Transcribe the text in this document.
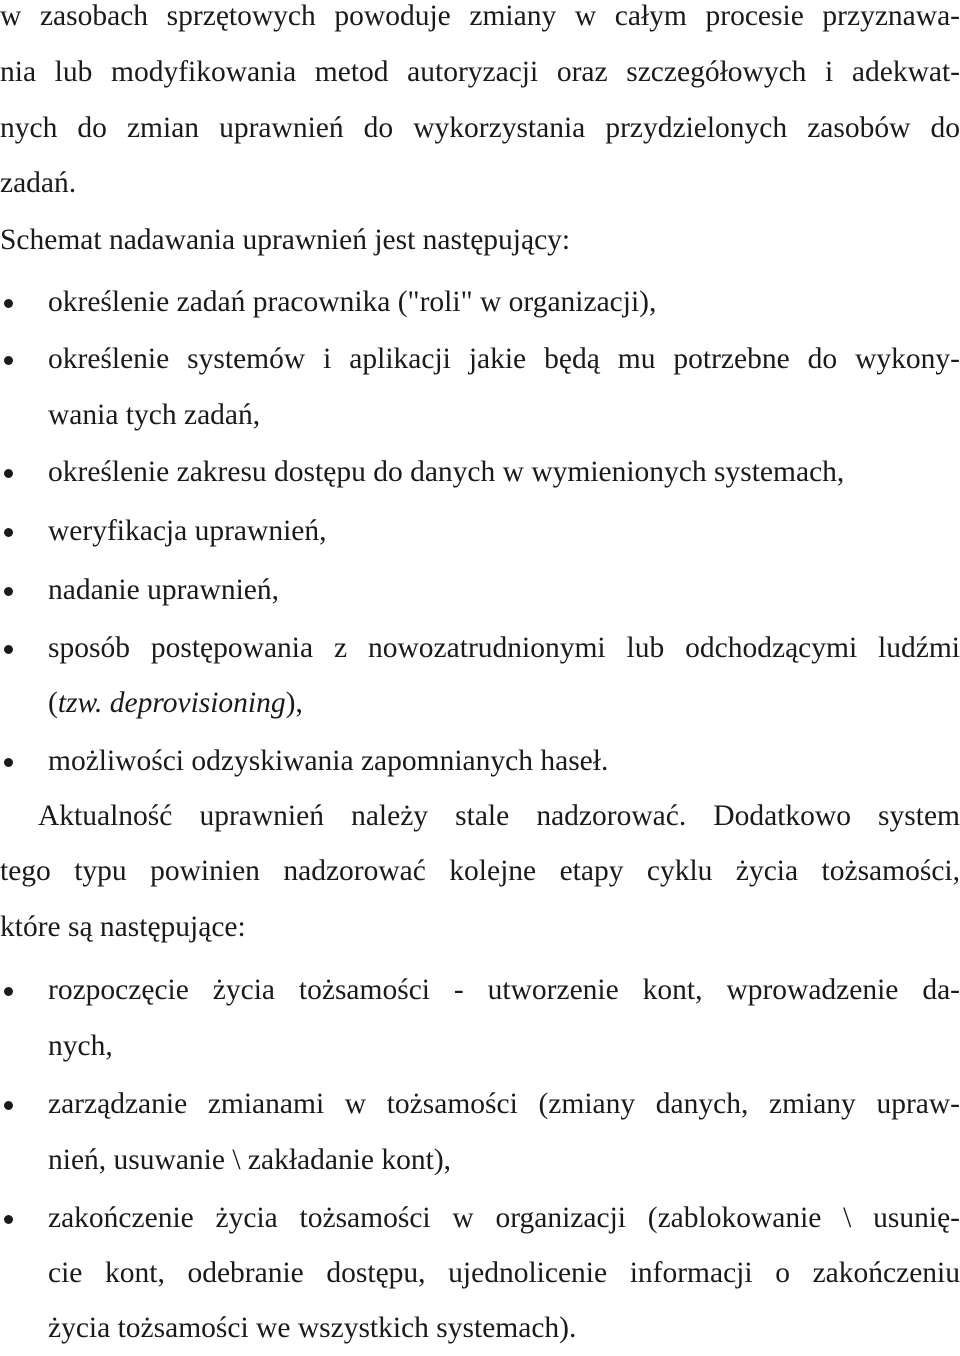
w zasobach sprzętowych powoduje zmiany w całym procesie przyznawa-

nia lub modyfikowania metod autoryzacji oraz szczegółowych i adekwat-

nych do zmian uprawnień do wykorzystania przydzielonych zasobów do

zadań.

Schemat nadawania uprawnień jest następujący:

określenie zadań pracownika ("roli" w organizacji),

określenie systemów i aplikacji jakie będą mu potrzebne do wykony-

wania tych zadań,

określenie zakresu dostępu do danych w wymienionych systemach,

weryfikacja uprawnień,

nadanie uprawnień,

sposób postępowania z nowozatrudnionymi lub odchodzącymi ludźmi

(tzw. deprovisioning),

możliwości odzyskiwania zapomnianych haseł.

Aktualność uprawnień należy stale nadzorować. Dodatkowo system

tego typu powinien nadzorować kolejne etapy cyklu życia tożsamości,

które są następujące:

rozpoczęcie życia tożsamości - utworzenie kont, wprowadzenie da-

nych,

zarządzanie zmianami w tożsamości (zmiany danych, zmiany upraw-

nień, usuwanie \ zakładanie kont),

zakończenie życia tożsamości w organizacji (zablokowanie \ usunię-

cie kont, odebranie dostępu, ujednolicenie informacji o zakończeniu

życia tożsamości we wszystkich systemach).
